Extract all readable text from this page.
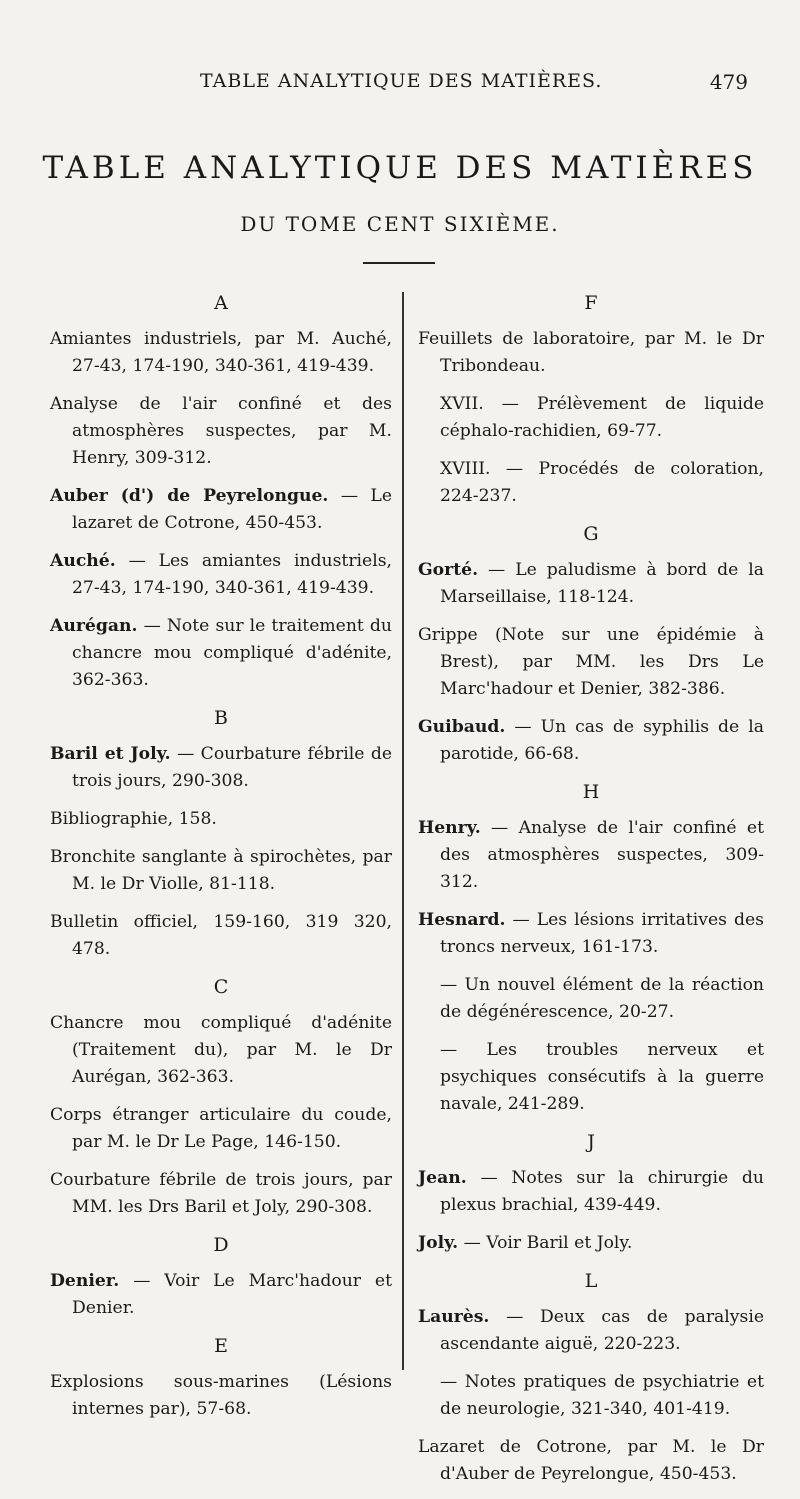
TABLE ANALYTIQUE DES MATIÈRES.	479
TABLE ANALYTIQUE DES MATIÈRES
DU TOME CENT SIXIÈME.
A
Amiantes industriels, par M. Auché, 27-43, 174-190, 340-361, 419-439.
Analyse de l'air confiné et des atmosphères suspectes, par M. Henry, 309-312.
Auber (d') de Peyrelongue. — Le lazaret de Cotrone, 450-453.
Auché. — Les amiantes industriels, 27-43, 174-190, 340-361, 419-439.
Aurégan. — Note sur le traitement du chancre mou compliqué d'adénite, 362-363.
B
Baril et Joly. — Courbature fébrile de trois jours, 290-308.
Bibliographie, 158.
Bronchite sanglante à spirochètes, par M. le Dr Violle, 81-118.
Bulletin officiel, 159-160, 319 320, 478.
C
Chancre mou compliqué d'adénite (Traitement du), par M. le Dr Aurégan, 362-363.
Corps étranger articulaire du coude, par M. le Dr Le Page, 146-150.
Courbature fébrile de trois jours, par MM. les Drs Baril et Joly, 290-308.
D
Denier. — Voir Le Marc'hadour et Denier.
E
Explosions sous-marines (Lésions internes par), 57-68.
F
Feuillets de laboratoire, par M. le Dr Tribondeau.
XVII. — Prélèvement de liquide céphalo-rachidien, 69-77.
XVIII. — Procédés de coloration, 224-237.
G
Gorté. — Le paludisme à bord de la Marseillaise, 118-124.
Grippe (Note sur une épidémie à Brest), par MM. les Drs Le Marc'hadour et Denier, 382-386.
Guibaud. — Un cas de syphilis de la parotide, 66-68.
H
Henry. — Analyse de l'air confiné et des atmosphères suspectes, 309-312.
Hesnard. — Les lésions irritatives des troncs nerveux, 161-173.
— Un nouvel élément de la réaction de dégénérescence, 20-27.
— Les troubles nerveux et psychiques consécutifs à la guerre navale, 241-289.
J
Jean. — Notes sur la chirurgie du plexus brachial, 439-449.
Joly. — Voir Baril et Joly.
L
Laurès. — Deux cas de paralysie ascendante aiguë, 220-223.
— Notes pratiques de psychiatrie et de neurologie, 321-340, 401-419.
Lazaret de Cotrone, par M. le Dr d'Auber de Peyrelongue, 450-453.
